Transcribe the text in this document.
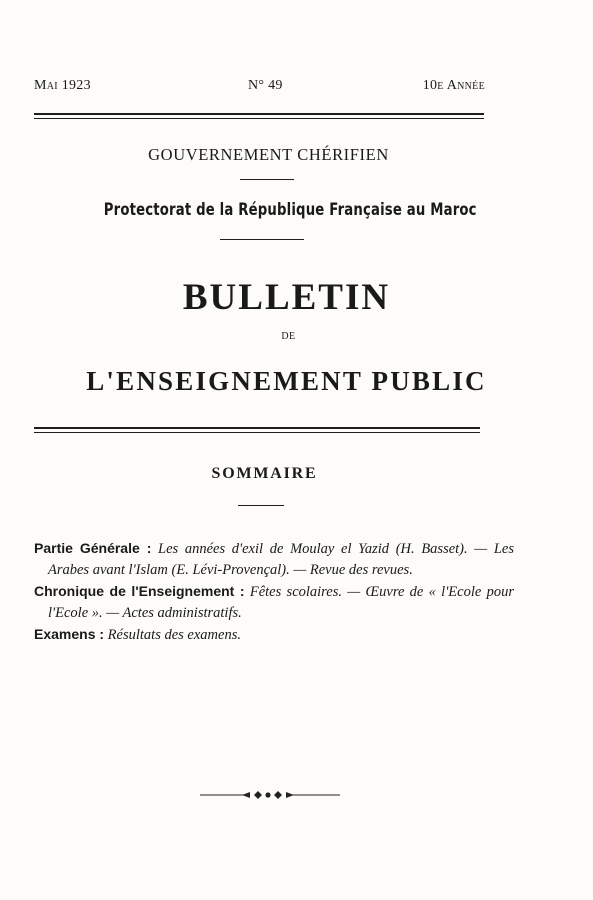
Mai 1923	N° 49	10e Année
GOUVERNEMENT CHÉRIFIEN
Protectorat de la République Française au Maroc
BULLETIN
DE
L'ENSEIGNEMENT PUBLIC
SOMMAIRE

Partie Générale : Les années d'exil de Moulay el Yazid (H. Basset). — Les Arabes avant l'Islam (E. Lévi-Provençal). — Revue des revues.

Chronique de l'Enseignement : Fêtes scolaires. — Œuvre de « l'Ecole pour l'Ecole ». — Actes administratifs.

Examens : Résultats des examens.
